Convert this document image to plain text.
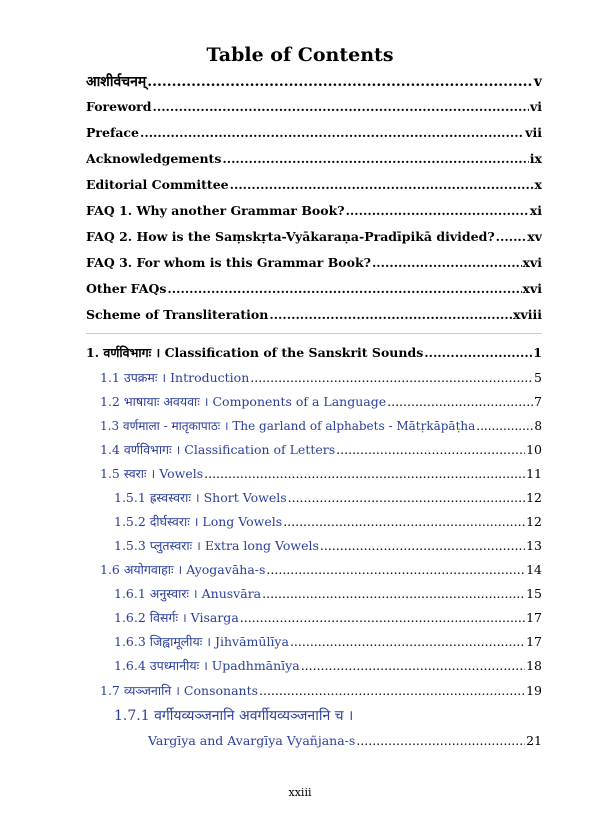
Table of Contents
आशीर्वचनम् .....	v
Foreword .....	vi
Preface .....	vii
Acknowledgements .....	ix
Editorial Committee .....	x
FAQ 1. Why another Grammar Book? .....	xi
FAQ 2. How is the Saṃskṛta-Vyākaraṇa-Pradīpikā divided? .....	xv
FAQ 3. For whom is this Grammar Book? .....	xvi
Other FAQs .....	xvi
Scheme of Transliteration .....	xviii
1. वर्णविभागः । Classification of the Sanskrit Sounds .....	1
1.1 उपक्रमः । Introduction .....	5
1.2 भाषायाः अवयवाः । Components of a Language .....	7
1.3 वर्णमाला - मातृकापाठः । The garland of alphabets - Mātṛkāpāṭha .....	8
1.4 वर्णविभागः । Classification of Letters .....	10
1.5 स्वराः । Vowels .....	11
1.5.1 ह्रस्वस्वराः । Short Vowels .....	12
1.5.2 दीर्घस्वराः । Long Vowels .....	12
1.5.3 प्लुतस्वराः । Extra long Vowels .....	13
1.6 अयोगवाहाः । Ayogavāha-s .....	14
1.6.1 अनुस्वारः । Anusvāra .....	15
1.6.2 विसर्गः । Visarga .....	17
1.6.3 जिह्वामूलीयः । Jihvāmūlīya .....	17
1.6.4 उपध्मानीयः । Upadhmānīya .....	18
1.7 व्यञ्जनानि । Consonants .....	19
1.7.1 वर्गीयव्यञ्जनानि अवर्गीयव्यञ्जनानि च ।
Vargīya and Avargīya Vyañjana-s .....	21
xxiii
